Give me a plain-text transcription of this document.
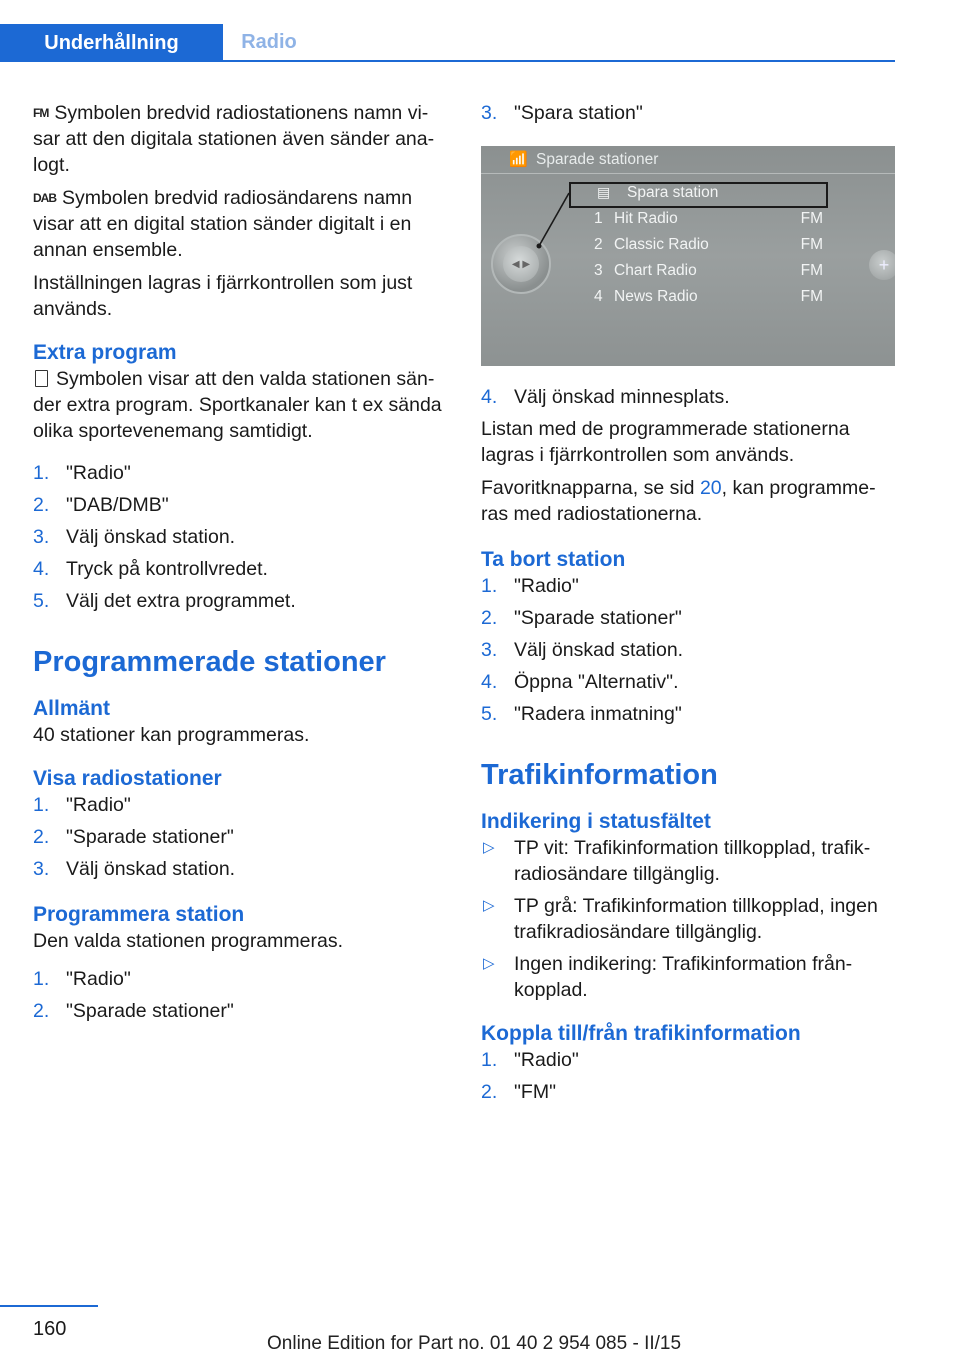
Underhållning	Radio

FM Symbolen bredvid radiostationens namn visar att den digitala stationen även sänder analogt.

DAB Symbolen bredvid radiosändarens namn visar att en digital station sänder digitalt i en annan ensemble.

Inställningen lagras i fjärrkontrollen som just används.

Extra program

Symbolen visar att den valda stationen sänder extra program. Sportkanaler kan t ex sända olika sportevenemang samtidigt.

1. "Radio"
2. "DAB/DMB"
3. Välj önskad station.
4. Tryck på kontrollvredet.
5. Välj det extra programmet.
Programmerade stationer
Allmänt

40 stationer kan programmeras.

Visa radiostationer
1. "Radio"
2. "Sparade stationer"
3. Välj önskad station.
Programmera station

Den valda stationen programmeras.

1. "Radio"
2. "Sparade stationer"
3. "Spara station"
📶 Sparade stationer
▤ Spara station
1 Hit Radio	FM
2 Classic Radio	FM
3 Chart Radio	FM
4 News Radio	FM
◀ ▶	+
4. Välj önskad minnesplats.

Listan med de programmerade stationerna lagras i fjärrkontrollen som används.

Favoritknapparna, se sid 20, kan programmeras med radiostationerna.

Ta bort station
1. "Radio"
2. "Sparade stationer"
3. Välj önskad station.
4. Öppna "Alternativ".
5. "Radera inmatning"
Trafikinformation
Indikering i statusfältet
▷ TP vit: Trafikinformation tillkopplad, trafikradiosändare tillgänglig.
▷ TP grå: Trafikinformation tillkopplad, ingen trafikradiosändare tillgänglig.
▷ Ingen indikering: Trafikinformation frånkopplad.
Koppla till/från trafikinformation
1. "Radio"
2. "FM"
160
Online Edition for Part no. 01 40 2 954 085 - II/15
